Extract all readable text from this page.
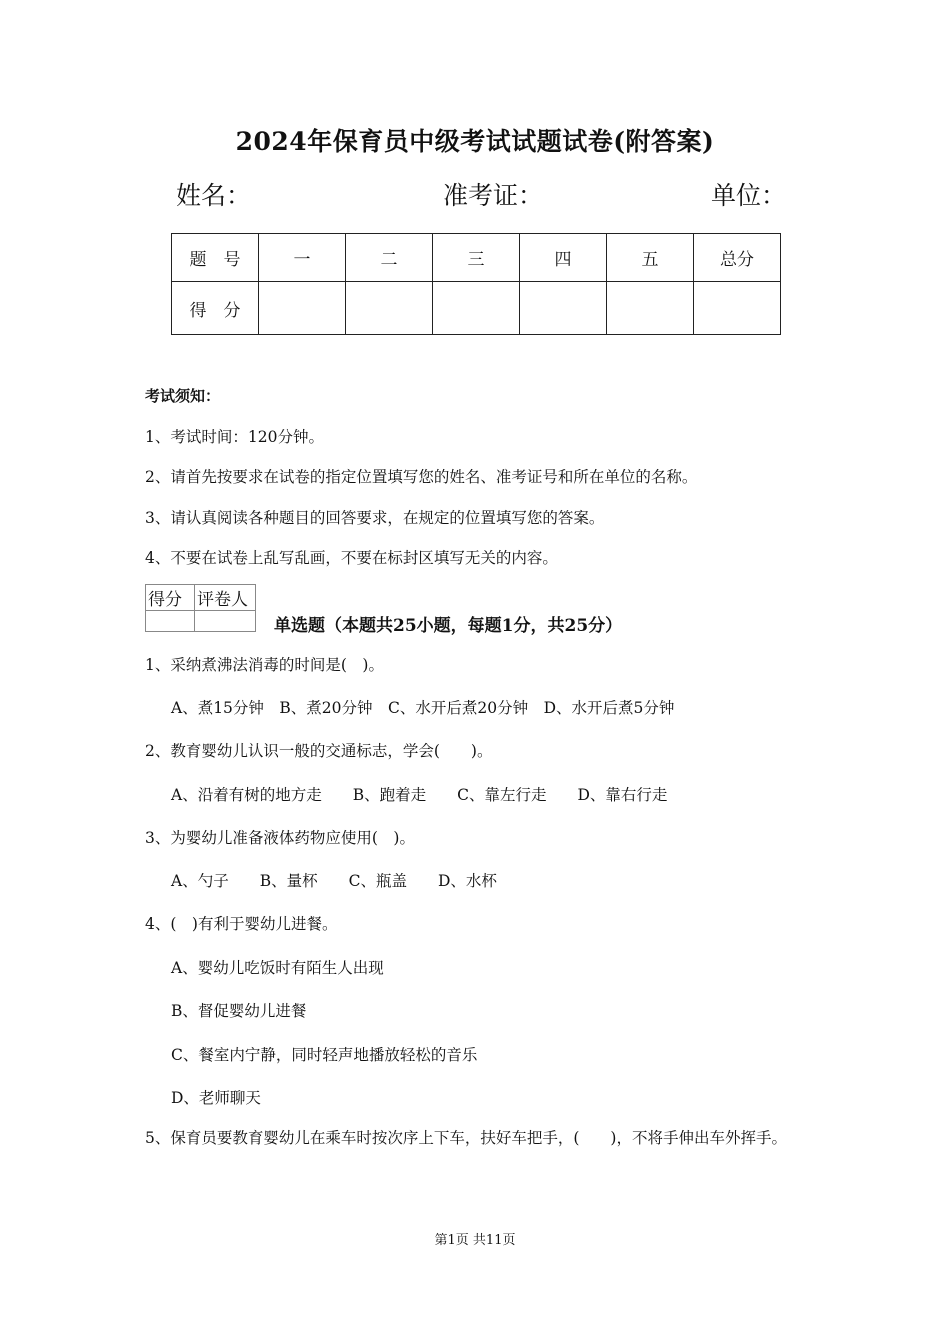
2024年保育员中级考试试题试卷(附答案)
姓名：	准考证：	单位：
题　号	一	二	三	四	五	总分
得　分						
考试须知：
1、考试时间：120分钟。
2、请首先按要求在试卷的指定位置填写您的姓名、准考证号和所在单位的名称。
3、请认真阅读各种题目的回答要求，在规定的位置填写您的答案。
4、不要在试卷上乱写乱画，不要在标封区填写无关的内容。
得分	评卷人

单选题（本题共25小题，每题1分，共25分）
1、采纳煮沸法消毒的时间是(　)。
A、煮15分钟　B、煮20分钟　C、水开后煮20分钟　D、水开后煮5分钟
2、教育婴幼儿认识一般的交通标志，学会(　　)。
A、沿着有树的地方走　　B、跑着走　　C、靠左行走　　D、靠右行走
3、为婴幼儿准备液体药物应使用(　)。
A、勺子　　B、量杯　　C、瓶盖　　D、水杯
4、(　)有利于婴幼儿进餐。
A、婴幼儿吃饭时有陌生人出现
B、督促婴幼儿进餐
C、餐室内宁静，同时轻声地播放轻松的音乐
D、老师聊天
5、保育员要教育婴幼儿在乘车时按次序上下车，扶好车把手，(　　)，不将手伸出车外挥手。
第1页 共11页
